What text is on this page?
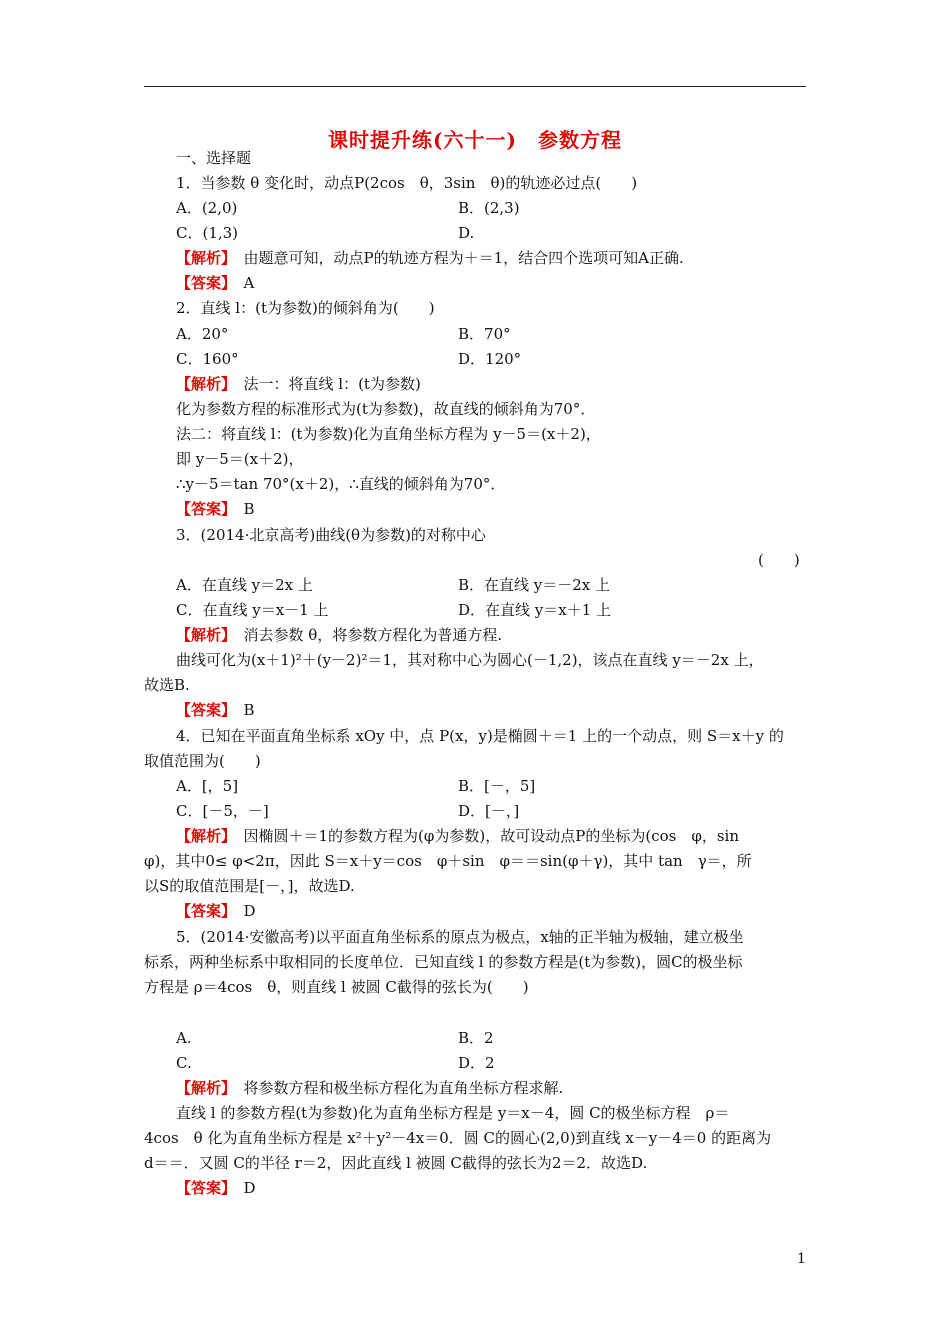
课时提升练(六十一)　参数方程
一、选择题
1．当参数 θ 变化时，动点P(2cos　θ，3sin　θ)的轨迹必过点(　　)
A．(2,0)	B．(2,3)
C．(1,3)	D.
【解析】　由题意可知，动点P的轨迹方程为＋＝1，结合四个选项可知A正确.
【答案】　A
2．直线 l：(t为参数)的倾斜角为(　　)
A．20°	B．70°
C．160°	D．120°
【解析】　法一：将直线 l：(t为参数)
化为参数方程的标准形式为(t为参数)，故直线的倾斜角为70°．
法二：将直线 l：(t为参数)化为直角坐标方程为 y－5＝(x＋2)，
即 y－5＝(x＋2)，
∴y－5＝tan 70°(x＋2)，∴直线的倾斜角为70°．
【答案】　B
3．(2014·北京高考)曲线(θ为参数)的对称中心
(　　)
A．在直线 y＝2x 上	B．在直线 y＝－2x 上
C．在直线 y＝x－1 上	D．在直线 y＝x＋1 上
【解析】　消去参数 θ，将参数方程化为普通方程.
曲线可化为(x＋1)²＋(y－2)²＝1，其对称中心为圆心(－1,2)，该点在直线 y＝－2x 上，
故选B.
【答案】　B
4．已知在平面直角坐标系 xOy 中，点 P(x，y)是椭圆＋＝1 上的一个动点，则 S＝x＋y 的
取值范围为(　　)
A．[，5]	B．[－，5]
C．[－5，－]	D．[－，]
【解析】　因椭圆＋＝1的参数方程为(φ为参数)，故可设动点P的坐标为(cos　φ，sin
φ)，其中0≤ φ<2π，因此 S＝x＋y＝cos　φ＋sin　φ＝＝sin(φ＋γ)，其中 tan　γ＝，所
以S的取值范围是[－，]，故选D.
【答案】　D
5．(2014·安徽高考)以平面直角坐标系的原点为极点，x轴的正半轴为极轴，建立极坐
标系，两种坐标系中取相同的长度单位．已知直线 l 的参数方程是(t为参数)，圆C的极坐标
方程是 ρ＝4cos　θ，则直线 l 被圆 C截得的弦长为(　　)
A.	B．2
C.	D．2
【解析】　将参数方程和极坐标方程化为直角坐标方程求解.
直线 l 的参数方程(t为参数)化为直角坐标方程是 y＝x－4，圆 C的极坐标方程　ρ＝
4cos　θ 化为直角坐标方程是 x²＋y²－4x＝0．圆 C的圆心(2,0)到直线 x－y－4＝0 的距离为
d＝＝．又圆 C的半径 r＝2，因此直线 l 被圆 C截得的弦长为2＝2．故选D.
【答案】　D
1
